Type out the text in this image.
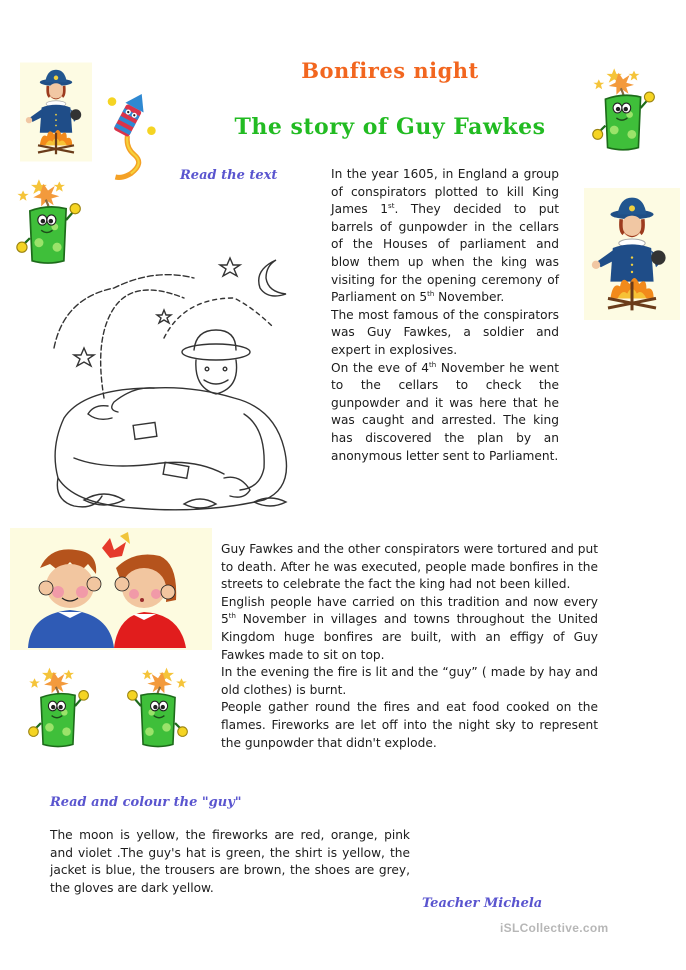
Bonfires night
The story of Guy Fawkes
Read the text	In the year 1605, in England a group of conspirators plotted to kill King James 1st. They decided to put barrels of gunpowder in the cellars of the Houses of parliament and blow them up when the king was visiting for the opening ceremony of Parliament on 5th November.

The most famous of the conspirators was Guy Fawkes, a soldier and expert in explosives.

On the eve of 4th November he went to the cellars to check the gunpowder and it was here that he was caught and arrested. The king has discovered the plan by an anonymous letter sent to Parliament.

Guy Fawkes and the other conspirators were tortured and put to death. After he was executed, people made bonfires in the streets to celebrate the fact the king had not been killed.

English people have carried on this tradition and now every 5th November in villages and towns throughout the United Kingdom huge bonfires are built, with an effigy of Guy Fawkes made to sit on top.

In the evening the fire is lit and the “guy” ( made by hay and old clothes) is burnt.

People gather round the fires and eat food cooked on the flames. Fireworks are let off into the night sky to represent the gunpowder that didn't explode.

Read and colour the "guy"
The moon is yellow, the fireworks are red, orange, pink and violet .The guy's hat is green, the shirt is yellow, the jacket is blue, the trousers are brown, the shoes are grey, the gloves are dark yellow.
Teacher Michela
iSLCollective.com
